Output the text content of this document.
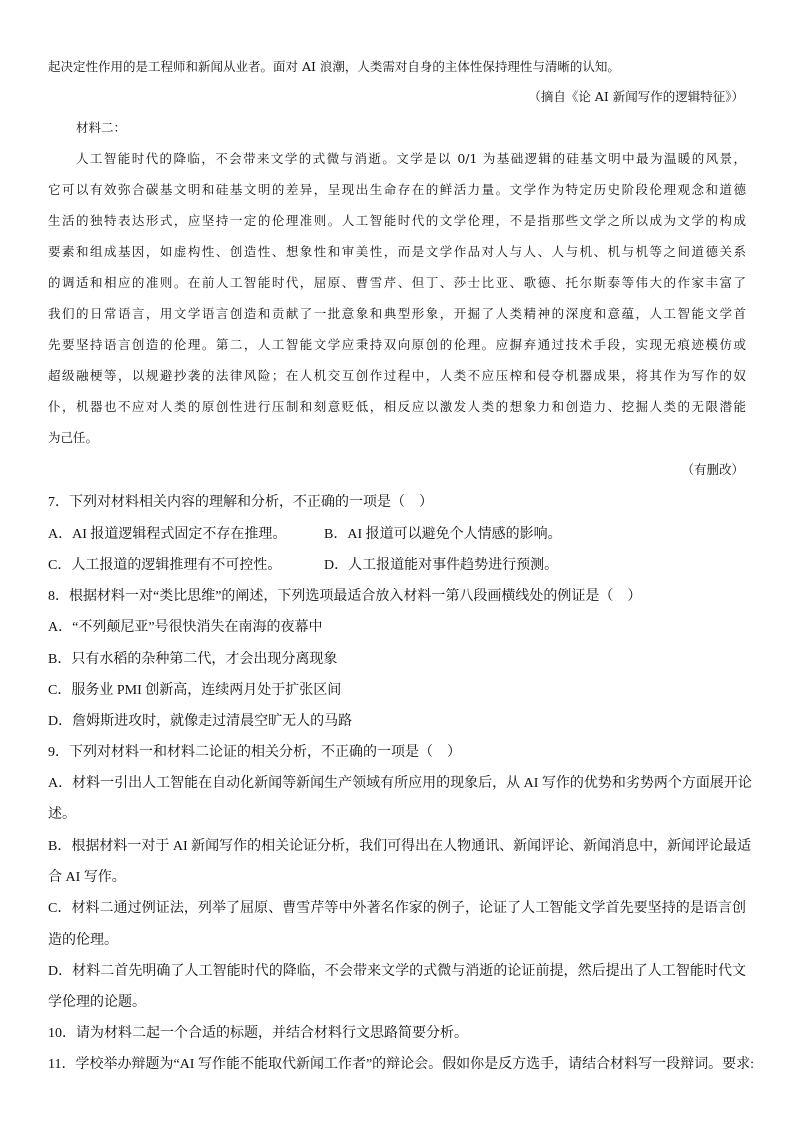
起决定性作用的是工程师和新闻从业者。面对 AI 浪潮，人类需对自身的主体性保持理性与清晰的认知。
（摘自《论 AI 新闻写作的逻辑特征》）
材料二：
人工智能时代的降临，不会带来文学的式微与消逝。文学是以 0/1 为基础逻辑的硅基文明中最为温暖的风景，
它可以有效弥合碳基文明和硅基文明的差异，呈现出生命存在的鲜活力量。文学作为特定历史阶段伦理观念和道德
生活的独特表达形式，应坚持一定的伦理准则。人工智能时代的文学伦理，不是指那些文学之所以成为文学的构成
要素和组成基因，如虚构性、创造性、想象性和审美性，而是文学作品对人与人、人与机、机与机等之间道德关系
的调适和相应的准则。在前人工智能时代，屈原、曹雪芹、但丁、莎士比亚、歌德、托尔斯泰等伟大的作家丰富了
我们的日常语言，用文学语言创造和贡献了一批意象和典型形象，开掘了人类精神的深度和意蕴，人工智能文学首
先要坚持语言创造的伦理。第二，人工智能文学应秉持双向原创的伦理。应摒弃通过技术手段，实现无痕迹模仿或
超级融梗等，以规避抄袭的法律风险；在人机交互创作过程中，人类不应压榨和侵夺机器成果，将其作为写作的奴
仆，机器也不应对人类的原创性进行压制和刻意贬低，相反应以激发人类的想象力和创造力、挖掘人类的无限潜能
为己任。
（有删改）
7．下列对材料相关内容的理解和分析，不正确的一项是（　）
A．AI 报道逻辑程式固定不存在推理。	B．AI 报道可以避免个人情感的影响。
C．人工报道的逻辑推理有不可控性。	D．人工报道能对事件趋势进行预测。
8．根据材料一对“类比思维”的阐述，下列选项最适合放入材料一第八段画横线处的例证是（　）
A．“不列颠尼亚”号很快消失在南海的夜幕中
B．只有水稻的杂种第二代，才会出现分离现象
C．服务业 PMI 创新高，连续两月处于扩张区间
D．詹姆斯进攻时，就像走过清晨空旷无人的马路
9．下列对材料一和材料二论证的相关分析，不正确的一项是（　）
A．材料一引出人工智能在自动化新闻等新闻生产领域有所应用的现象后，从 AI 写作的优势和劣势两个方面展开论
述。
B．根据材料一对于 AI 新闻写作的相关论证分析，我们可得出在人物通讯、新闻评论、新闻消息中，新闻评论最适
合 AI 写作。
C．材料二通过例证法，列举了屈原、曹雪芹等中外著名作家的例子，论证了人工智能文学首先要坚持的是语言创
造的伦理。
D．材料二首先明确了人工智能时代的降临，不会带来文学的式微与消逝的论证前提，然后提出了人工智能时代文
学伦理的论题。
10．请为材料二起一个合适的标题，并结合材料行文思路简要分析。
11．学校举办辩题为“AI 写作能不能取代新闻工作者”的辩论会。假如你是反方选手，请结合材料写一段辩词。要求:
